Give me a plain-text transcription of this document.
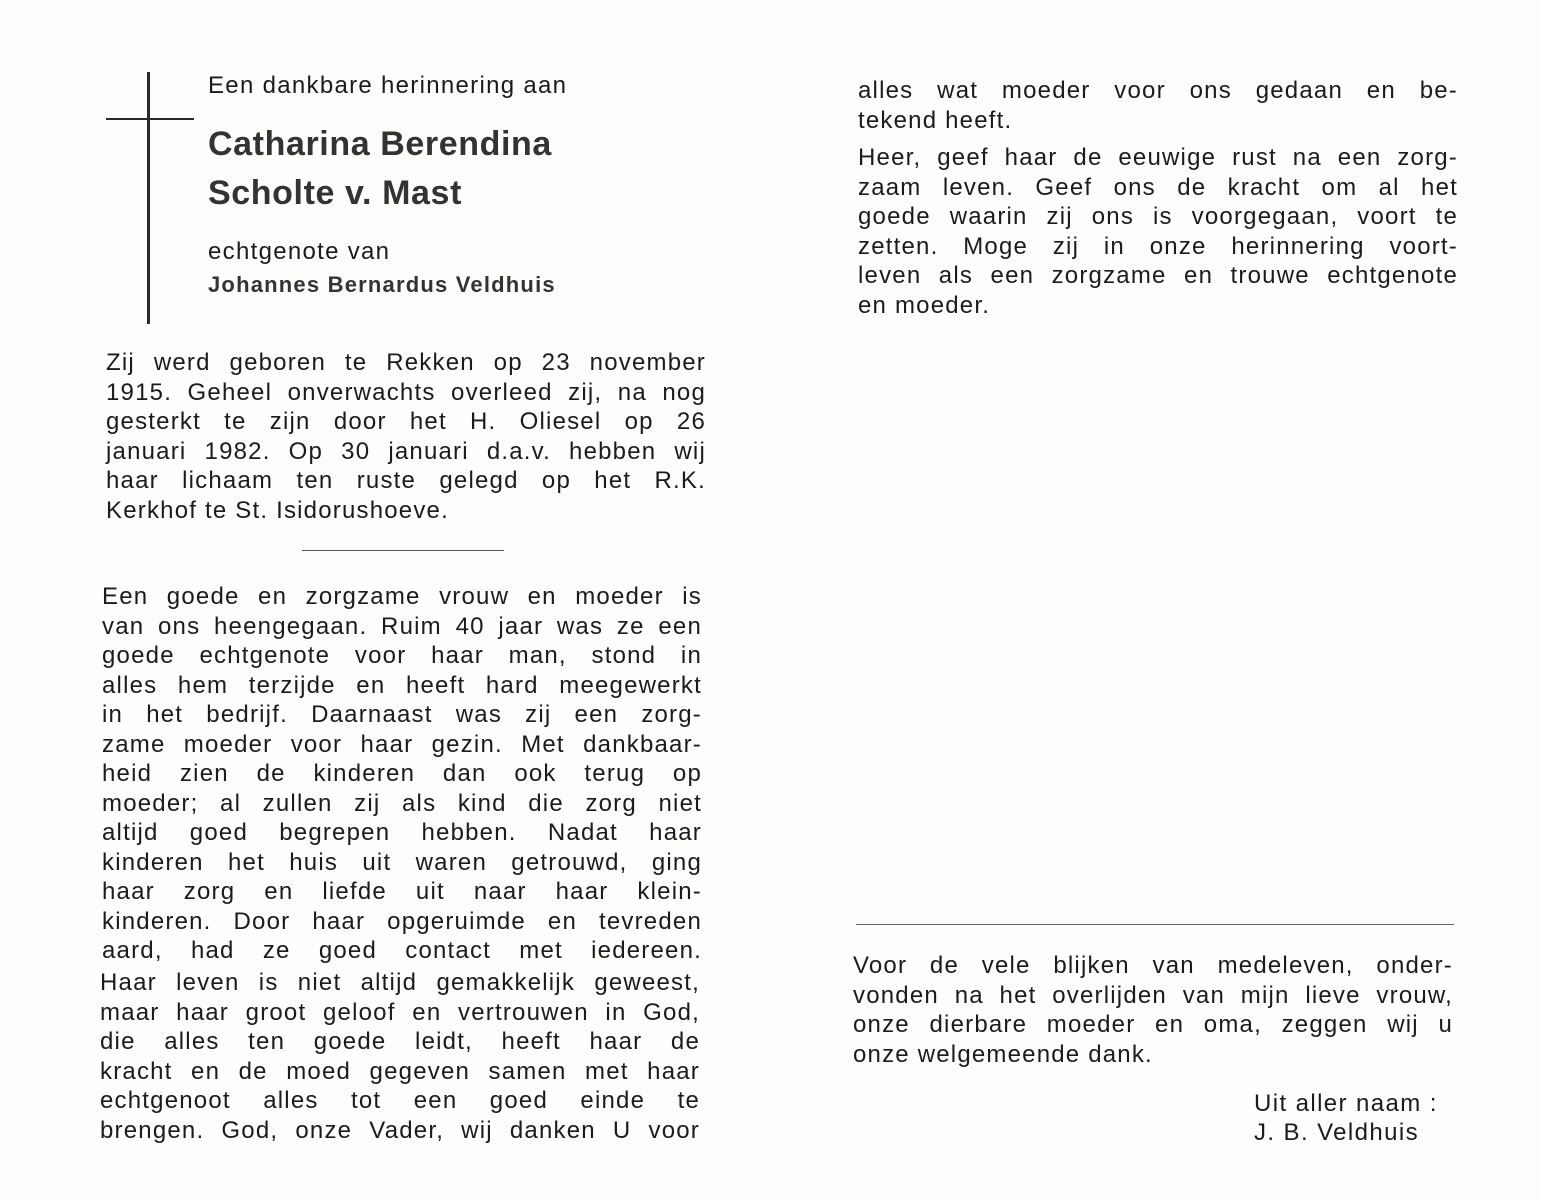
Een dankbare herinnering aan
Catharina Berendina
Scholte v. Mast
echtgenote van
Johannes Bernardus Veldhuis
Zij werd geboren te Rekken op 23 november
1915. Geheel onverwachts overleed zij, na nog
gesterkt te zijn door het H. Oliesel op 26
januari 1982. Op 30 januari d.a.v. hebben wij
haar lichaam ten ruste gelegd op het R.K.
Kerkhof te St. Isidorushoeve.
Een goede en zorgzame vrouw en moeder is
van ons heengegaan. Ruim 40 jaar was ze een
goede echtgenote voor haar man, stond in
alles hem terzijde en heeft hard meegewerkt
in het bedrijf. Daarnaast was zij een zorg-
zame moeder voor haar gezin. Met dankbaar-
heid zien de kinderen dan ook terug op
moeder; al zullen zij als kind die zorg niet
altijd goed begrepen hebben. Nadat haar
kinderen het huis uit waren getrouwd, ging
haar zorg en liefde uit naar haar klein-
kinderen. Door haar opgeruimde en tevreden
aard, had ze goed contact met iedereen.
Haar leven is niet altijd gemakkelijk geweest,
maar haar groot geloof en vertrouwen in God,
die alles ten goede leidt, heeft haar de
kracht en de moed gegeven samen met haar
echtgenoot alles tot een goed einde te
brengen. God, onze Vader, wij danken U voor
alles wat moeder voor ons gedaan en be-
tekend heeft.
Heer, geef haar de eeuwige rust na een zorg-
zaam leven. Geef ons de kracht om al het
goede waarin zij ons is voorgegaan, voort te
zetten. Moge zij in onze herinnering voort-
leven als een zorgzame en trouwe echtgenote
en moeder.
Voor de vele blijken van medeleven, onder-
vonden na het overlijden van mijn lieve vrouw,
onze dierbare moeder en oma, zeggen wij u
onze welgemeende dank.
Uit aller naam :
J. B. Veldhuis
